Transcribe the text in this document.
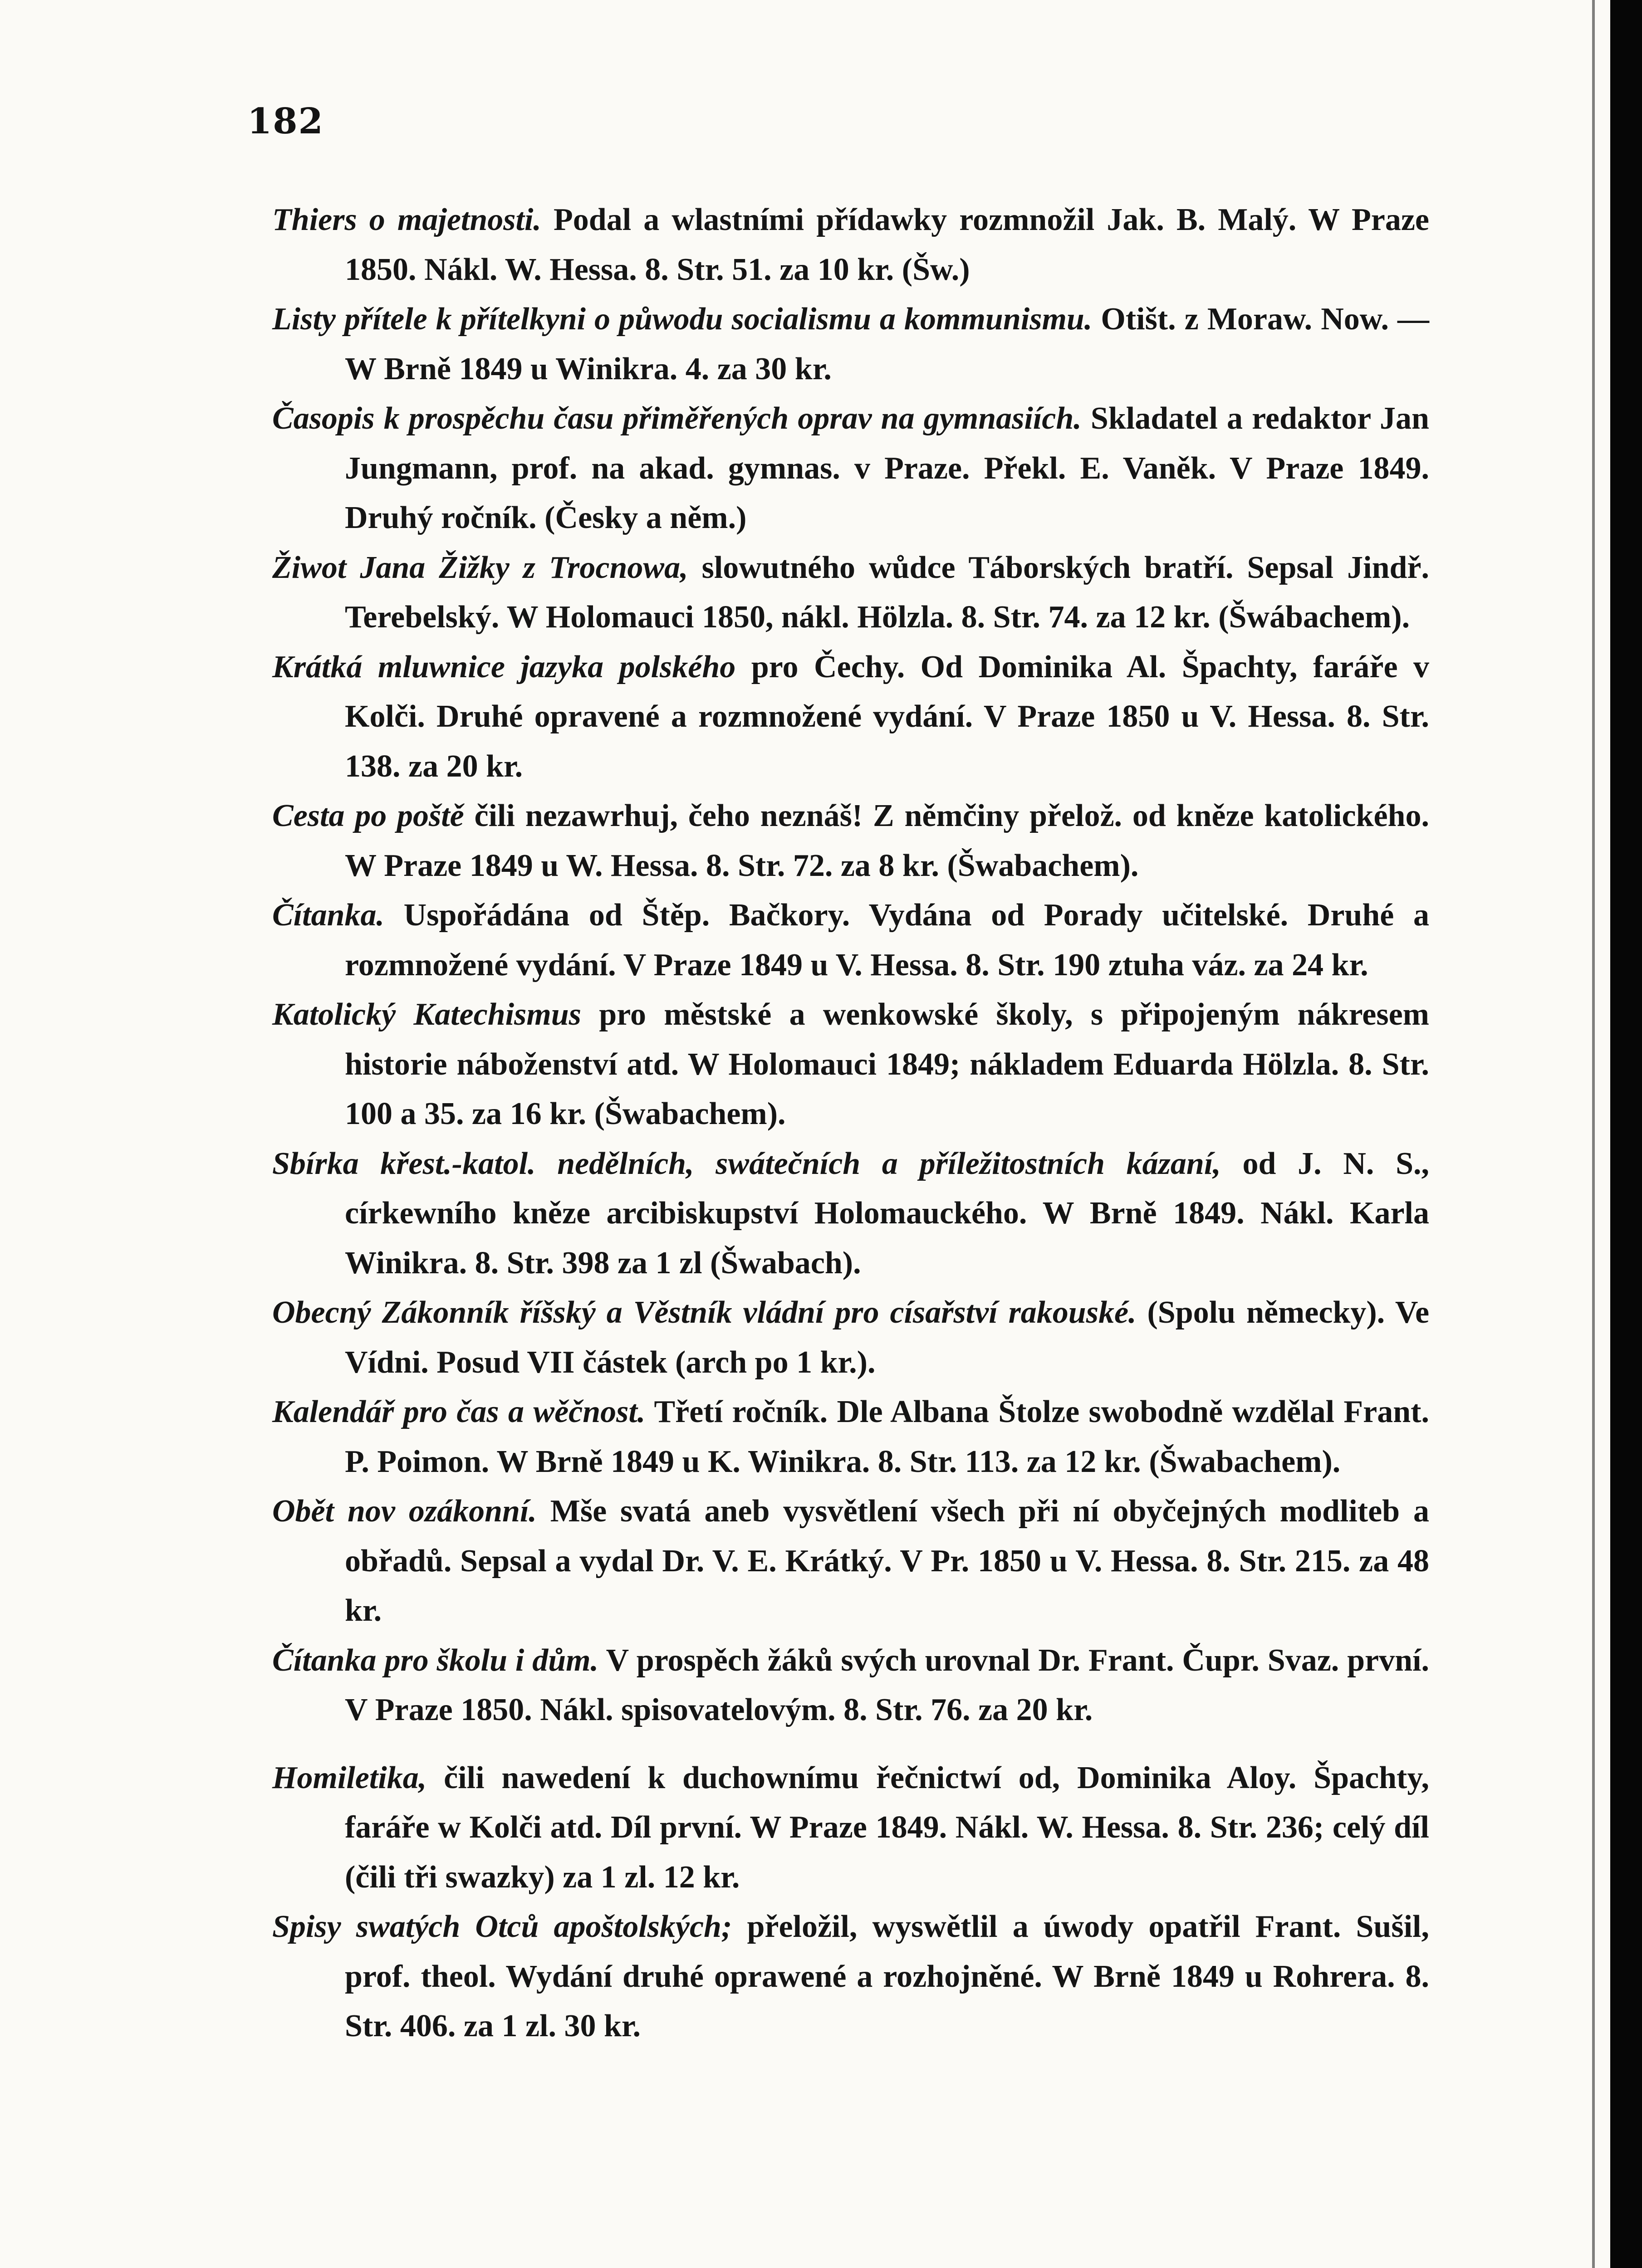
182

Thiers o majetnosti. Podal a wlastními přídawky rozmnožil Jak. B. Malý. W Praze 1850. Nákl. W. Hessa. 8. Str. 51. za 10 kr. (Šw.)

Listy přítele k přítelkyni o půwodu socialismu a kommunismu. Otišt. z Moraw. Now. — W Brně 1849 u Winikra. 4. za 30 kr.

Časopis k prospěchu času přiměřených oprav na gymnasiích. Skladatel a redaktor Jan Jungmann, prof. na akad. gymnas. v Praze. Překl. E. Vaněk. V Praze 1849. Druhý ročník. (Česky a něm.)

Žiwot Jana Žižky z Trocnowa, slowutného wůdce Táborských bratří. Sepsal Jindř. Terebelský. W Holomauci 1850, nákl. Hölzla. 8. Str. 74. za 12 kr. (Šwábachem).

Krátká mluwnice jazyka polského pro Čechy. Od Dominika Al. Špachty, faráře v Kolči. Druhé opravené a rozmnožené vydání. V Praze 1850 u V. Hessa. 8. Str. 138. za 20 kr.

Cesta po poště čili nezawrhuj, čeho neznáš! Z němčiny přelož. od kněze katolického. W Praze 1849 u W. Hessa. 8. Str. 72. za 8 kr. (Šwabachem).

Čítanka. Uspořádána od Štěp. Bačkory. Vydána od Porady učitelské. Druhé a rozmnožené vydání. V Praze 1849 u V. Hessa. 8. Str. 190 ztuha váz. za 24 kr.

Katolický Katechismus pro městské a wenkowské školy, s připojeným nákresem historie náboženství atd. W Holomauci 1849; nákladem Eduarda Hölzla. 8. Str. 100 a 35. za 16 kr. (Šwabachem).

Sbírka křest.-katol. nedělních, swátečních a příležitostních kázaní, od J. N. S., církewního kněze arcibiskupství Holomauckého. W Brně 1849. Nákl. Karla Winikra. 8. Str. 398 za 1 zl (Šwabach).

Obecný Zákonník říšský a Věstník vládní pro císařství rakouské. (Spolu německy). Ve Vídni. Posud VII částek (arch po 1 kr.).

Kalendář pro čas a wěčnost. Třetí ročník. Dle Albana Štolze swobodně wzdělal Frant. P. Poimon. W Brně 1849 u K. Winikra. 8. Str. 113. za 12 kr. (Šwabachem).

Obět nov ozákonní. Mše svatá aneb vysvětlení všech při ní obyčejných modliteb a obřadů. Sepsal a vydal Dr. V. E. Krátký. V Pr. 1850 u V. Hessa. 8. Str. 215. za 48 kr.

Čítanka pro školu i dům. V prospěch žáků svých urovnal Dr. Frant. Čupr. Svaz. první. V Praze 1850. Nákl. spisovatelovým. 8. Str. 76. za 20 kr.

Homiletika, čili nawedení k duchownímu řečnictwí od, Dominika Aloy. Špachty, faráře w Kolči atd. Díl první. W Praze 1849. Nákl. W. Hessa. 8. Str. 236; celý díl (čili tři swazky) za 1 zl. 12 kr.

Spisy swatých Otců apoštolských; přeložil, wyswětlil a úwody opatřil Frant. Sušil, prof. theol. Wydání druhé oprawené a rozhojněné. W Brně 1849 u Rohrera. 8. Str. 406. za 1 zl. 30 kr.
